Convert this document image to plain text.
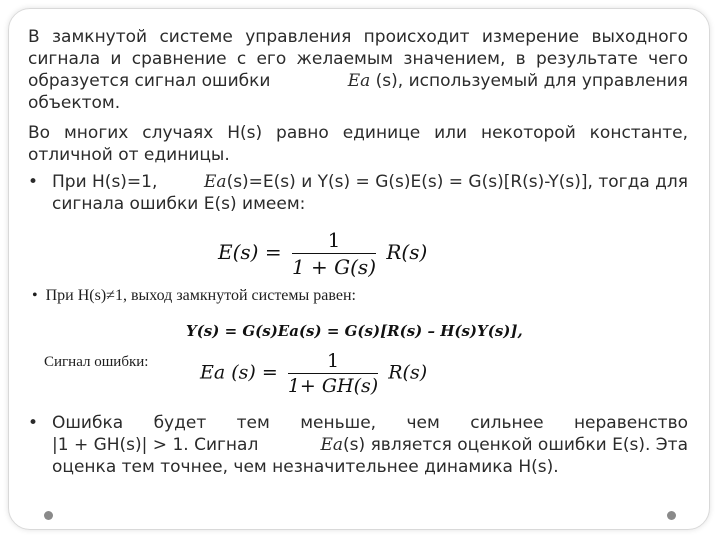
В замкнутой системе управления происходит измерение выходного
сигнала и сравнение с его желаемым значением, в результате чего
образуется сигнал ошибки	Ea (s), используемый для управления
объектом.
Во многих случаях H(s) равно единице или некоторой константе,
отличной от единицы.
• При H(s)=1,	Ea(s)=E(s) и Y(s) = G(s)E(s) = G(s)[R(s)-Y(s)], тогда для
сигнала ошибки E(s) имеем:
$E(s) = \frac{1}{1 + G(s)} R(s)$
• При H(s)≠1, выход замкнутой системы равен:
Y(s) = G(s)Ea(s) = G(s)[R(s) – H(s)Y(s)],
Сигнал ошибки:	Ea $(s) = \frac{1}{1+ GH(s)} R(s)$
• Ошибка будет тем меньше, чем сильнее неравенство
|1 + GH(s)| > 1. Сигнал	Ea(s) является оценкой ошибки E(s). Эта
оценка тем точнее, чем незначительнее динамика H(s).
